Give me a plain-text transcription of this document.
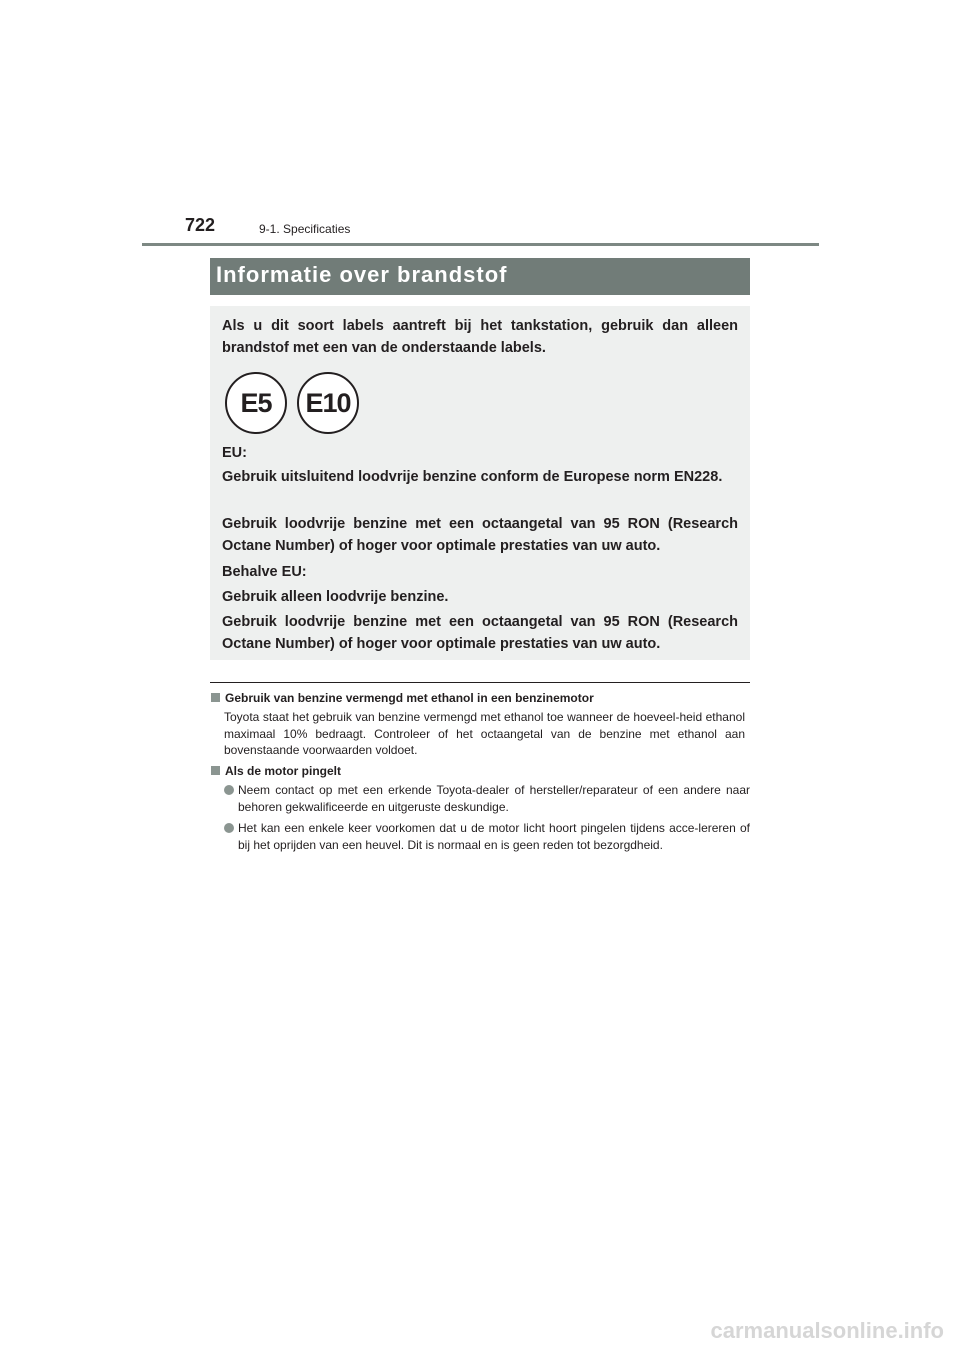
722	9-1. Specificaties
Informatie over brandstof
Als u dit soort labels aantreft bij het tankstation, gebruik dan alleen brandstof met een van de onderstaande labels.
E5	E10
EU:
Gebruik uitsluitend loodvrije benzine conform de Europese norm EN228.
Gebruik loodvrije benzine met een octaangetal van 95 RON (Research Octane Number) of hoger voor optimale prestaties van uw auto.
Behalve EU:
Gebruik alleen loodvrije benzine.
Gebruik loodvrije benzine met een octaangetal van 95 RON (Research Octane Number) of hoger voor optimale prestaties van uw auto.
Gebruik van benzine vermengd met ethanol in een benzinemotor
Toyota staat het gebruik van benzine vermengd met ethanol toe wanneer de hoeveel-heid ethanol maximaal 10% bedraagt. Controleer of het octaangetal van de benzine met ethanol aan bovenstaande voorwaarden voldoet.
Als de motor pingelt
Neem contact op met een erkende Toyota-dealer of hersteller/reparateur of een andere naar behoren gekwalificeerde en uitgeruste deskundige.
Het kan een enkele keer voorkomen dat u de motor licht hoort pingelen tijdens acce-lereren of bij het oprijden van een heuvel. Dit is normaal en is geen reden tot bezorgdheid.
carmanualsonline.info
